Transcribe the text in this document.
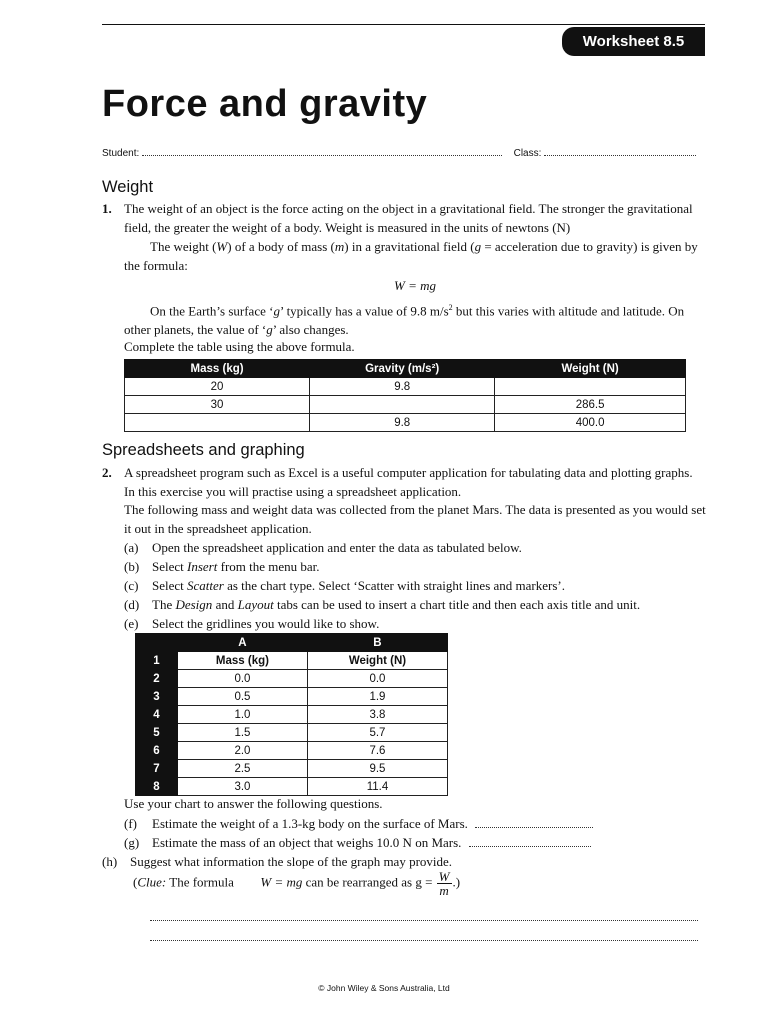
Worksheet 8.5
Force and gravity
Student:	Class:
Weight
1. The weight of an object is the force acting on the object in a gravitational field. The stronger the gravitational field, the greater the weight of a body. Weight is measured in the units of newtons (N)
The weight (W) of a body of mass (m) in a gravitational field (g = acceleration due to gravity) is given by the formula:
W = mg
On the Earth’s surface ‘g’ typically has a value of 9.8 $m/s^2$ but this varies with altitude and latitude. On other planets, the value of ‘g’ also changes.
Complete the table using the above formula.
Mass (kg)	Gravity (m/s²)	Weight (N)
20	9.8	
30		286.5
	9.8	400.0
Spreadsheets and graphing
2. A spreadsheet program such as Excel is a useful computer application for tabulating data and plotting graphs. In this exercise you will practise using a spreadsheet application.
The following mass and weight data was collected from the planet Mars. The data is presented as you would set it out in the spreadsheet application.
(a) Open the spreadsheet application and enter the data as tabulated below.
(b) Select Insert from the menu bar.
(c) Select Scatter as the chart type. Select ‘Scatter with straight lines and markers’.
(d) The Design and Layout tabs can be used to insert a chart title and then each axis title and unit.
(e) Select the gridlines you would like to show.
	A	B
1	Mass (kg)	Weight (N)
2	0.0	0.0
3	0.5	1.9
4	1.0	3.8
5	1.5	5.7
6	2.0	7.6
7	2.5	9.5
8	3.0	11.4
Use your chart to answer the following questions.
(f) Estimate the weight of a 1.3-kg body on the surface of Mars.
(g) Estimate the mass of an object that weighs 10.0 N on Mars.
(h) Suggest what information the slope of the graph may provide.
(Clue: The formula W = mg can be rearranged as $g = \frac{W}{m}$ .)
© John Wiley & Sons Australia, Ltd
